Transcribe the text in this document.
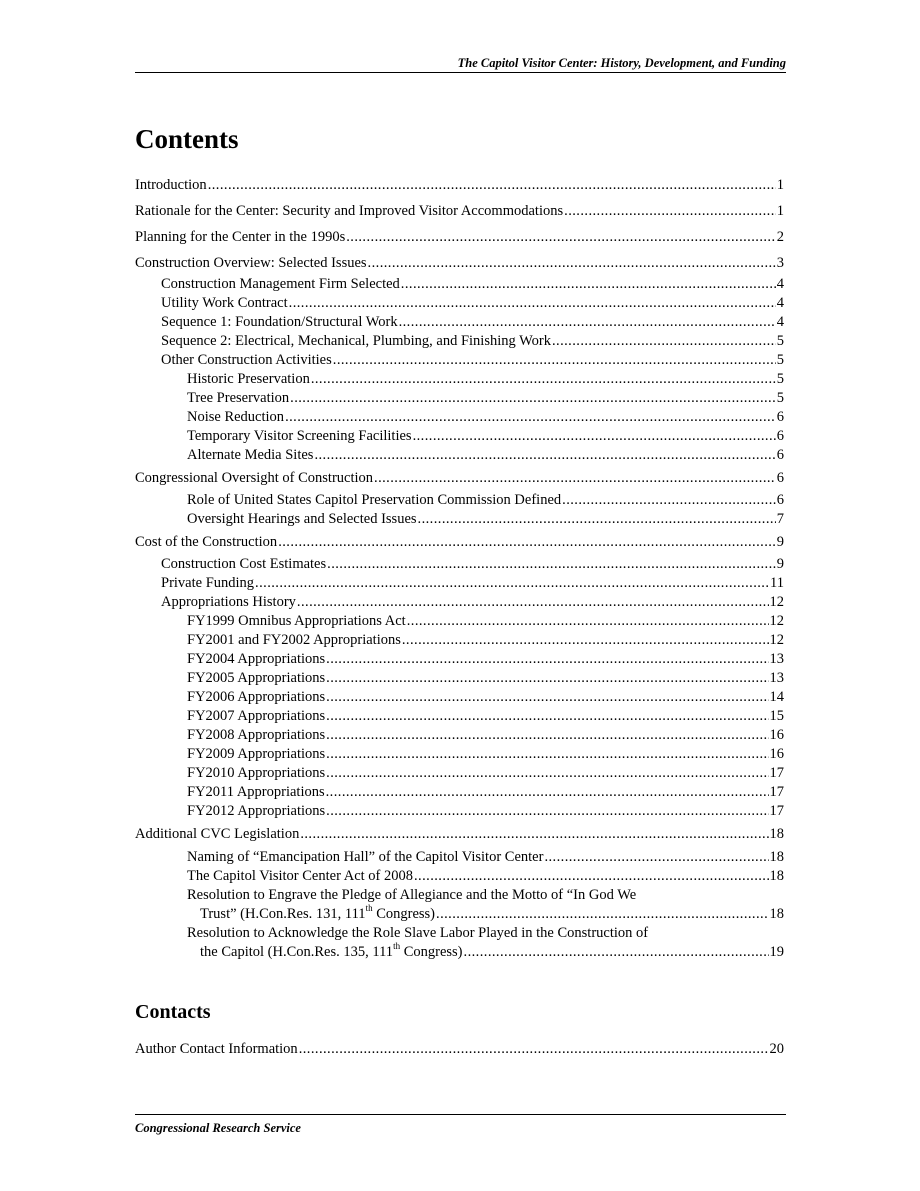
The Capitol Visitor Center: History, Development, and Funding
Contents
Introduction . . .	1
Rationale for the Center: Security and Improved Visitor Accommodations . . .	1
Planning for the Center in the 1990s . . .	2
Construction Overview: Selected Issues . . .	3
Construction Management Firm Selected . . .	4
Utility Work Contract . . .	4
Sequence 1: Foundation/Structural Work . . .	4
Sequence 2: Electrical, Mechanical, Plumbing, and Finishing Work . . .	5
Other Construction Activities . . .	5
Historic Preservation . . .	5
Tree Preservation . . .	5
Noise Reduction . . .	6
Temporary Visitor Screening Facilities . . .	6
Alternate Media Sites . . .	6
Congressional Oversight of Construction . . .	6
Role of United States Capitol Preservation Commission Defined . . .	6
Oversight Hearings and Selected Issues . . .	7
Cost of the Construction . . .	9
Construction Cost Estimates . . .	9
Private Funding . . .	11
Appropriations History . . .	12
FY1999 Omnibus Appropriations Act . . .	12
FY2001 and FY2002 Appropriations . . .	12
FY2004 Appropriations . . .	13
FY2005 Appropriations . . .	13
FY2006 Appropriations . . .	14
FY2007 Appropriations . . .	15
FY2008 Appropriations . . .	16
FY2009 Appropriations . . .	16
FY2010 Appropriations . . .	17
FY2011 Appropriations . . .	17
FY2012 Appropriations . . .	17
Additional CVC Legislation . . .	18
Naming of “Emancipation Hall” of the Capitol Visitor Center . . .	18
The Capitol Visitor Center Act of 2008 . . .	18
Resolution to Engrave the Pledge of Allegiance and the Motto of “In God We
Trust” (H.Con.Res. 131, 111th Congress) . . .	18
Resolution to Acknowledge the Role Slave Labor Played in the Construction of
the Capitol (H.Con.Res. 135, 111th Congress) . . .	19
Contacts
Author Contact Information . . .	20
Congressional Research Service
